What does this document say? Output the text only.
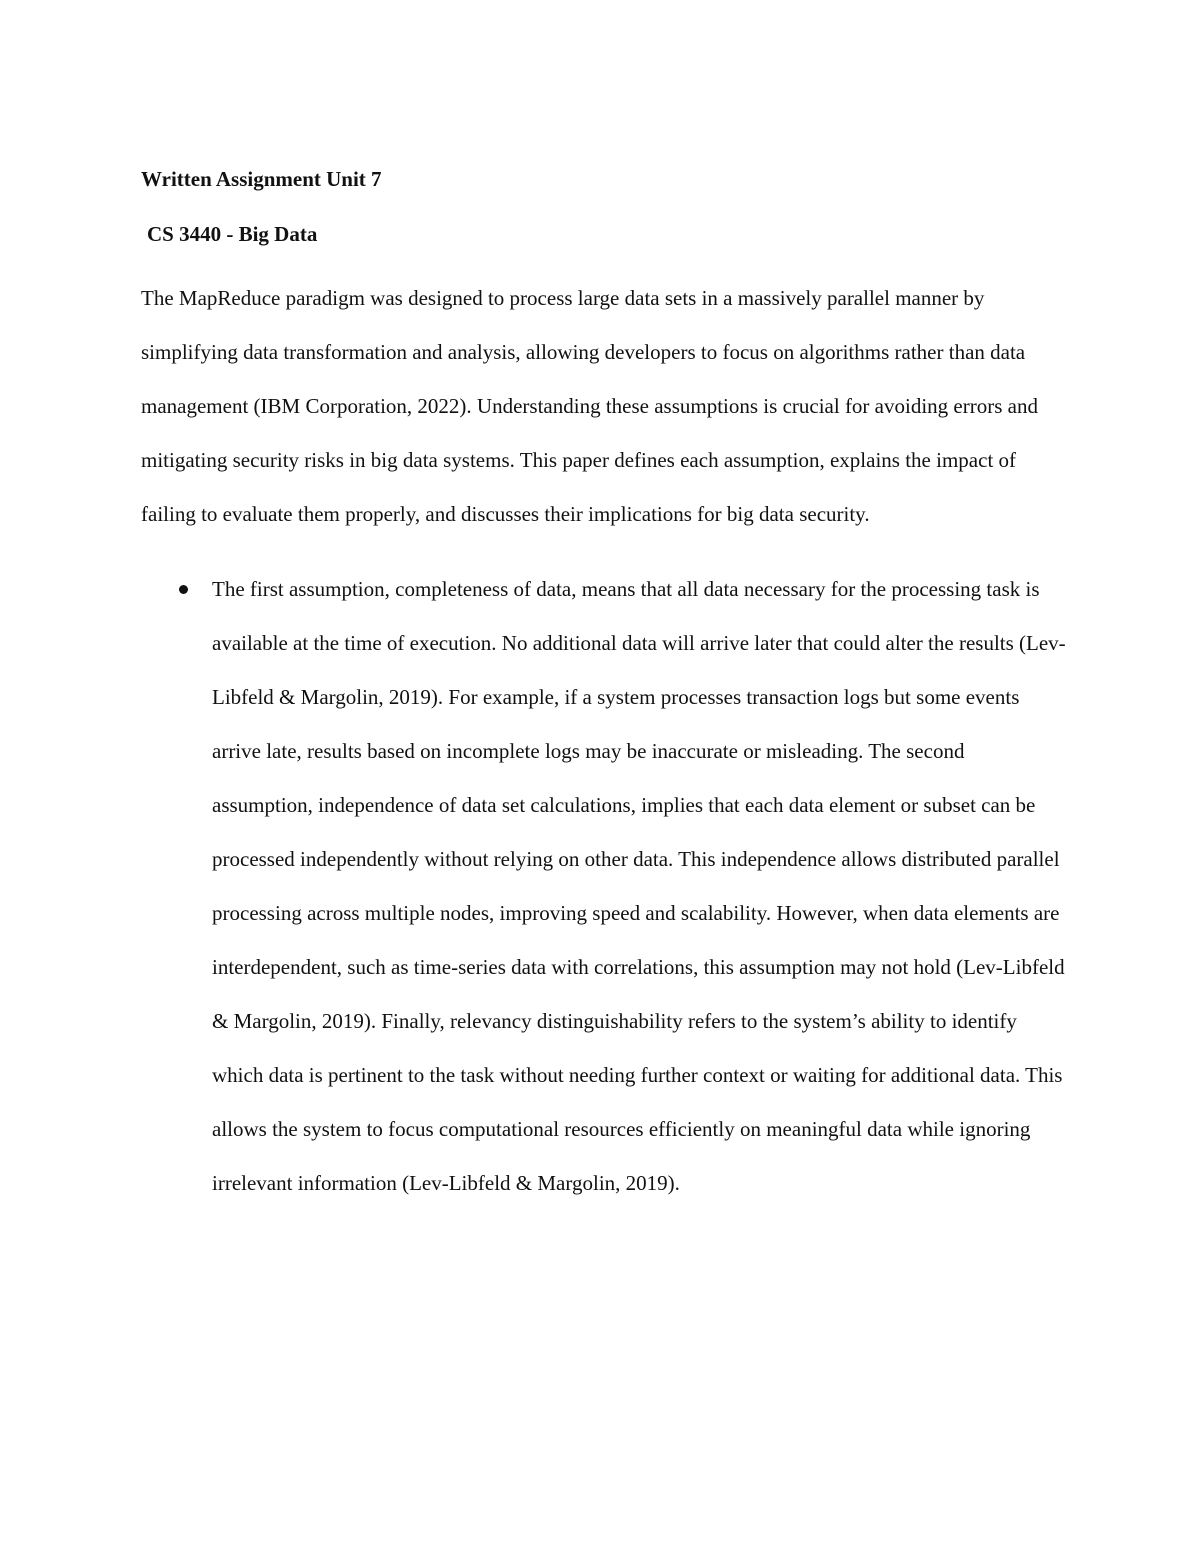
Written Assignment Unit 7
CS 3440 - Big Data

The MapReduce paradigm was designed to process large data sets in a massively parallel manner by simplifying data transformation and analysis, allowing developers to focus on algorithms rather than data management (IBM Corporation, 2022). Understanding these assumptions is crucial for avoiding errors and mitigating security risks in big data systems. This paper defines each assumption, explains the impact of failing to evaluate them properly, and discusses their implications for big data security.

The first assumption, completeness of data, means that all data necessary for the processing task is available at the time of execution. No additional data will arrive later that could alter the results (Lev-Libfeld & Margolin, 2019). For example, if a system processes transaction logs but some events arrive late, results based on incomplete logs may be inaccurate or misleading. The second assumption, independence of data set calculations, implies that each data element or subset can be processed independently without relying on other data. This independence allows distributed parallel processing across multiple nodes, improving speed and scalability. However, when data elements are interdependent, such as time-series data with correlations, this assumption may not hold (Lev-Libfeld & Margolin, 2019). Finally, relevancy distinguishability refers to the system’s ability to identify which data is pertinent to the task without needing further context or waiting for additional data. This allows the system to focus computational resources efficiently on meaningful data while ignoring irrelevant information (Lev-Libfeld & Margolin, 2019).
